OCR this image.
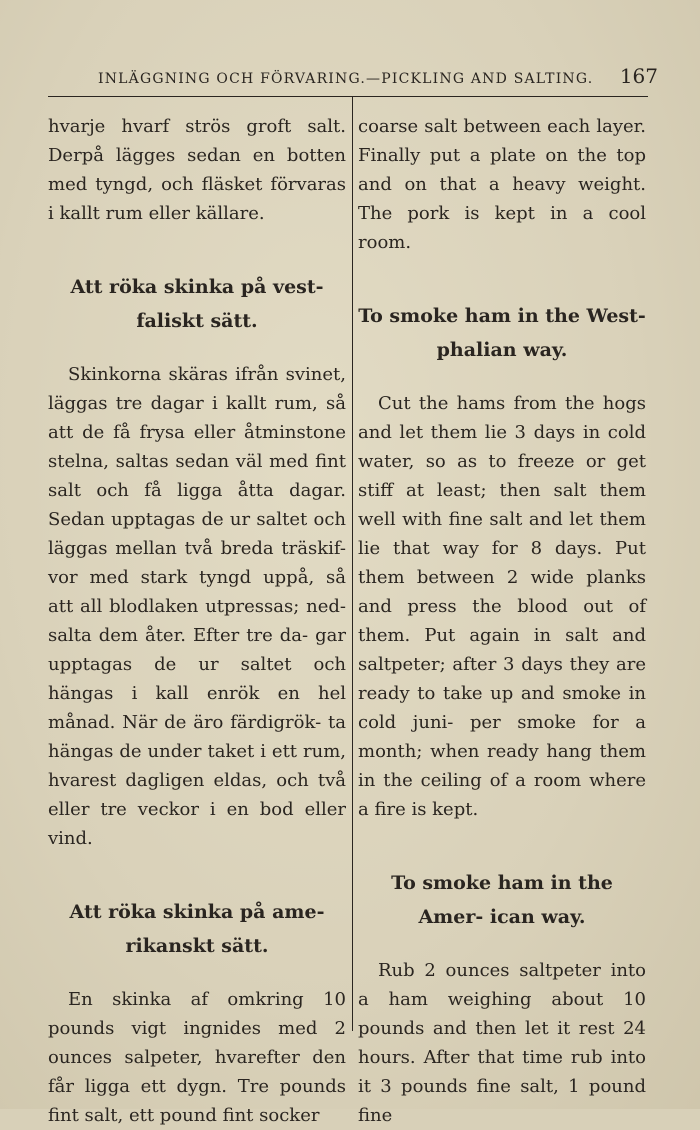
INLÄGGNING OCH FÖRVARING.—PICKLING AND SALTING.	167

hvarje hvarf strös groft salt. Derpå lägges sedan en botten med tyngd, och fläsket förvaras i kallt rum eller källare.

Att röka skinka på vest- faliskt sätt.

Skinkorna skäras ifrån svinet, läggas tre dagar i kallt rum, så att de få frysa eller åtminstone stelna, saltas sedan väl med fint salt och få ligga åtta dagar. Sedan upptagas de ur saltet och läggas mellan två breda träskif- vor med stark tyngd uppå, så att all blodlaken utpressas; ned- salta dem åter. Efter tre da- gar upptagas de ur saltet och hängas i kall enrök en hel månad. När de äro färdigrök- ta hängas de under taket i ett rum, hvarest dagligen eldas, och två eller tre veckor i en bod eller vind.

Att röka skinka på ame- rikanskt sätt.

En skinka af omkring 10 pounds vigt ingnides med 2 ounces salpeter, hvarefter den får ligga ett dygn. Tre pounds fint salt, ett pound fint socker

coarse salt between each layer. Finally put a plate on the top and on that a heavy weight. The pork is kept in a cool room.

To smoke ham in the West- phalian way.

Cut the hams from the hogs and let them lie 3 days in cold water, so as to freeze or get stiff at least; then salt them well with fine salt and let them lie that way for 8 days. Put them between 2 wide planks and press the blood out of them. Put again in salt and saltpeter; after 3 days they are ready to take up and smoke in cold juni- per smoke for a month; when ready hang them in the ceiling of a room where a fire is kept.

To smoke ham in the Amer- ican way.

Rub 2 ounces saltpeter into a ham weighing about 10 pounds and then let it rest 24 hours. After that time rub into it 3 pounds fine salt, 1 pound fine
